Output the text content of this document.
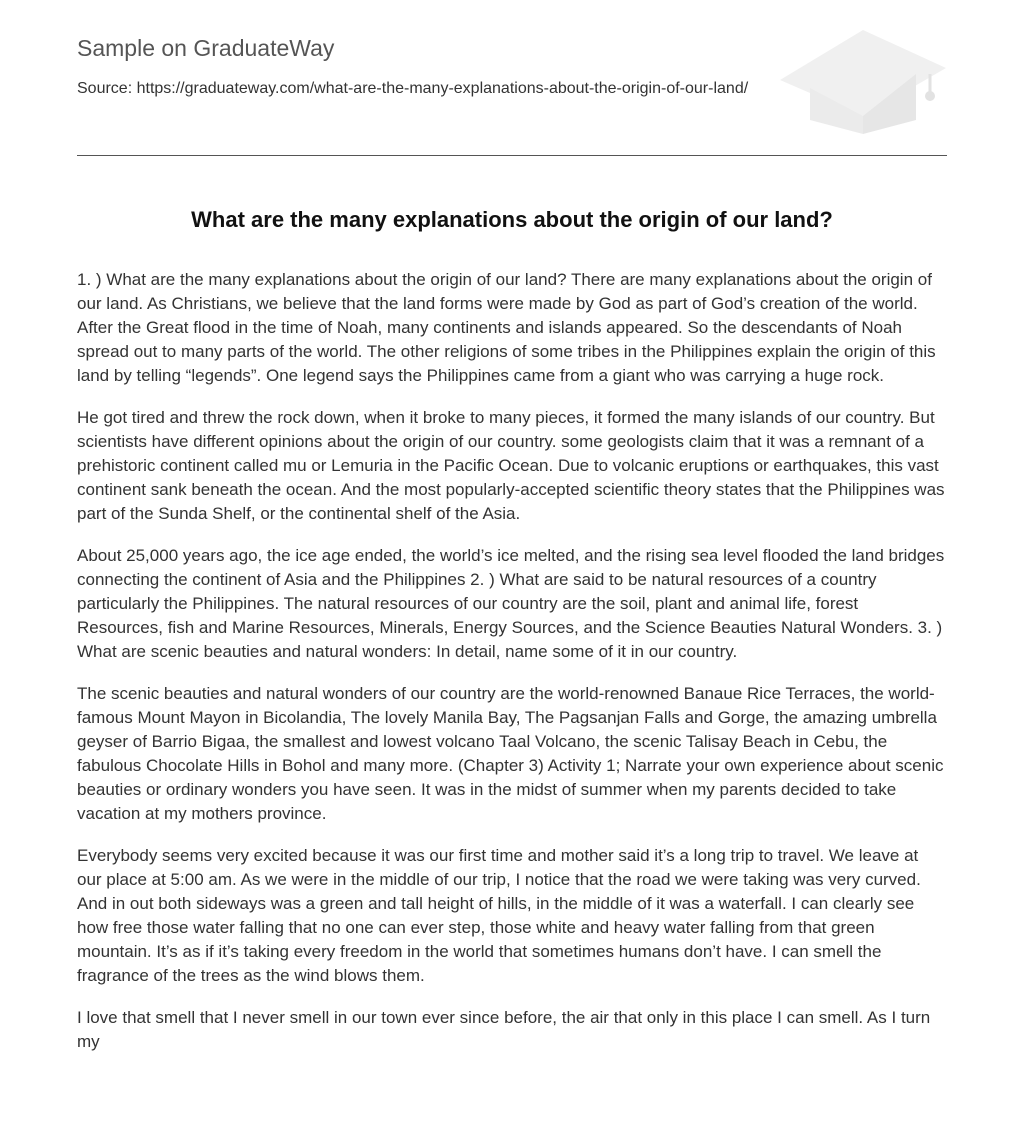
Sample on GraduateWay
Source: https://graduateway.com/what-are-the-many-explanations-about-the-origin-of-our-land/
What are the many explanations about the origin of our land?

1. ) What are the many explanations about the origin of our land? There are many explanations about the origin of our land. As Christians, we believe that the land forms were made by God as part of God’s creation of the world. After the Great flood in the time of Noah, many continents and islands appeared. So the descendants of Noah spread out to many parts of the world. The other religions of some tribes in the Philippines explain the origin of this land by telling “legends”. One legend says the Philippines came from a giant who was carrying a huge rock.

He got tired and threw the rock down, when it broke to many pieces, it formed the many islands of our country. But scientists have different opinions about the origin of our country. some geologists claim that it was a remnant of a prehistoric continent called mu or Lemuria in the Pacific Ocean. Due to volcanic eruptions or earthquakes, this vast continent sank beneath the ocean. And the most popularly-accepted scientific theory states that the Philippines was part of the Sunda Shelf, or the continental shelf of the Asia.

About 25,000 years ago, the ice age ended, the world’s ice melted, and the rising sea level flooded the land bridges connecting the continent of Asia and the Philippines 2. ) What are said to be natural resources of a country particularly the Philippines. The natural resources of our country are the soil, plant and animal life, forest Resources, fish and Marine Resources, Minerals, Energy Sources, and the Science Beauties Natural Wonders. 3. ) What are scenic beauties and natural wonders: In detail, name some of it in our country.

The scenic beauties and natural wonders of our country are the world-renowned Banaue Rice Terraces, the world-famous Mount Mayon in Bicolandia, The lovely Manila Bay, The Pagsanjan Falls and Gorge, the amazing umbrella geyser of Barrio Bigaa, the smallest and lowest volcano Taal Volcano, the scenic Talisay Beach in Cebu, the fabulous Chocolate Hills in Bohol and many more. (Chapter 3) Activity 1; Narrate your own experience about scenic beauties or ordinary wonders you have seen. It was in the midst of summer when my parents decided to take vacation at my mothers province.

Everybody seems very excited because it was our first time and mother said it’s a long trip to travel. We leave at our place at 5:00 am. As we were in the middle of our trip, I notice that the road we were taking was very curved. And in out both sideways was a green and tall height of hills, in the middle of it was a waterfall. I can clearly see how free those water falling that no one can ever step, those white and heavy water falling from that green mountain. It’s as if it’s taking every freedom in the world that sometimes humans don’t have. I can smell the fragrance of the trees as the wind blows them.

I love that smell that I never smell in our town ever since before, the air that only in this place I can smell. As I turn my
